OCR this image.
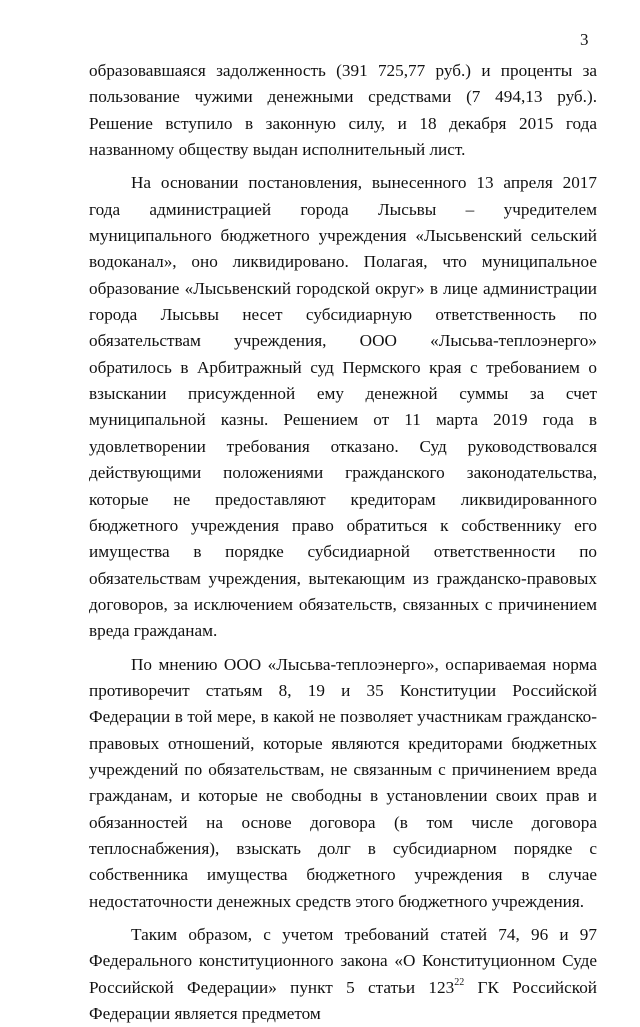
3

образовавшаяся задолженность (391 725,77 руб.) и проценты за пользование чужими денежными средствами (7 494,13 руб.). Решение вступило в законную силу, и 18 декабря 2015 года названному обществу выдан исполнительный лист.

На основании постановления, вынесенного 13 апреля 2017 года администрацией города Лысьвы – учредителем муниципального бюджетного учреждения «Лысьвенский сельский водоканал», оно ликвидировано. Полагая, что муниципальное образование «Лысьвенский городской округ» в лице администрации города Лысьвы несет субсидиарную ответственность по обязательствам учреждения, ООО «Лысьва-теплоэнерго» обратилось в Арбитражный суд Пермского края с требованием о взыскании присужденной ему денежной суммы за счет муниципальной казны. Решением от 11 марта 2019 года в удовлетворении требования отказано. Суд руководствовался действующими положениями гражданского законодательства, которые не предоставляют кредиторам ликвидированного бюджетного учреждения право обратиться к собственнику его имущества в порядке субсидиарной ответственности по обязательствам учреждения, вытекающим из гражданско-правовых договоров, за исключением обязательств, связанных с причинением вреда гражданам.

По мнению ООО «Лысьва-теплоэнерго», оспариваемая норма противоречит статьям 8, 19 и 35 Конституции Российской Федерации в той мере, в какой не позволяет участникам гражданско-правовых отношений, которые являются кредиторами бюджетных учреждений по обязательствам, не связанным с причинением вреда гражданам, и которые не свободны в установлении своих прав и обязанностей на основе договора (в том числе договора теплоснабжения), взыскать долг в субсидиарном порядке с собственника имущества бюджетного учреждения в случае недостаточности денежных средств этого бюджетного учреждения.

Таким образом, с учетом требований статей 74, 96 и 97 Федерального конституционного закона «О Конституционном Суде Российской Федерации» пункт 5 статьи $123^{22}$ ГК Российской Федерации является предметом
